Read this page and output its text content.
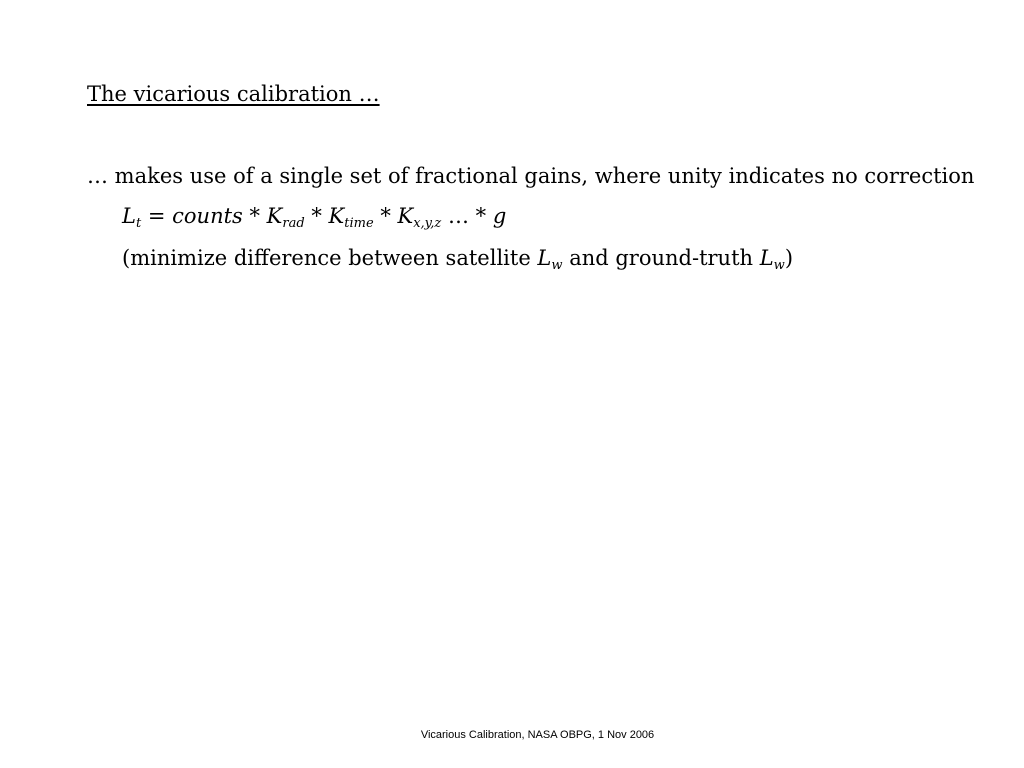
The vicarious calibration …
… makes use of a single set of fractional gains, where unity indicates no correction
$L_t$ = counts * $K_{rad} * K_{time} * K_{x,y,z}$ … * g
(minimize difference between satellite $L_w$ and ground-truth $L_w$)
Vicarious Calibration, NASA OBPG, 1 Nov 2006
